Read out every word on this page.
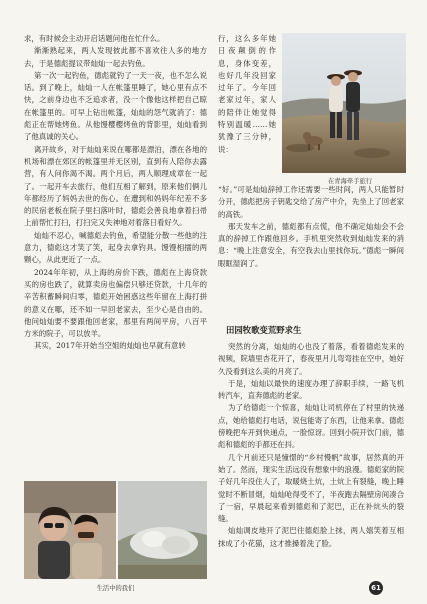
求，有时候会主动开启话题问他在忙什么。

渐渐熟起来，两人发现彼此都不喜欢往人多的地方去，于是德彪提议带灿灿一起去钓鱼。

第一次一起钓鱼，德彪就钓了一天一夜，也不怎么说话。到了晚上，灿灿一人在帐篷里睡了，她心里有点不快，之前身边也不乏追求者，没一个像他这样把自己晾在帐篷里的。可早上钻出帐篷，灿灿的怨气就消了：德彪正在帮她烤鱼。从他馒樱樱烤鱼的背影里，灿灿看到了他真诚的关心。

离开故乡，对于灿灿来说在哪都是漂泊，漂在各地的机场和漂在郊区的帐篷里并无区别，直到有人陪你去露营，有人问你渴不渴。两个月后，两人顺理成章在一起了。一起开车去旅行，他们互相了解到，原来他们俩儿年都经历了妈妈去世的伤心。在遭到和妈妈年纪差不多的民宿老板在院子里扫落叶时，德彪会善良地拿着扫帚上前帮忙打扫，打扫完又失神地对着落日看好久。

灿灿不忍心，喊德彪去钓鱼，希望能分散一些他的注意力，德彪这才笑了笑，起身去拿钓具。馒馒相擂的两颗心，从此更近了一点。

2024年年初，从上海的房价下跌，德彪在上海贷款买的房也跌了，就算卖房也偏偿只够还贷款，十几年的辛苦积蓄瞬间归零，德彪开始困惑这些年留在上海打拼的意义在哪，还不如一早回老家去，至少心是自由的。他问灿灿要不要跟他回老家，那里有两间平房，八百平方米的院子，可以放羊。

其实，2017年开始当空姐的灿灿也早就有意转

行，这么多年她日夜颠倒的作息，身体变差，也好几年没回家过年了。今年回老家过年，家人的陪伴让她觉得特别温暖……她犹豫了三分钟，说：

在青海牵手旅行

“好。”可是灿灿辞掉工作还需要一些时间，两人只能暂时分开，德彪把房子钥匙交给了房产中介，先坐上了回老家的高铁。

那天发车之前，德彪都有点慌，他不确定灿灿会不会真的辞掉工作跟他回乡。手机里突然收到灿灿发来的消息：“晚上注意安全，有空我去山里找你玩。”德彪一瞬间眼眶湿润了。

田园牧歌变荒野求生

突然的分离，灿灿的心也没了着落，看着德彪发来的视频，院墙里杏花开了，春夜里月儿弯弯挂在空中，她好久没看到这么美的月亮了。

于是，灿灿以最快的速度办理了辞职手续，一路飞机转汽车，直奔德彪的老家。

为了给德彪一个惊喜，灿灿让司机停在了村里的快递点，她给德彪打电话，说包能寄了东西，让他来拿。德彪傍晚把车开到快递点，一脸惊讶。回到小院开饮门前，德彪和德彪的手都还在抖。

几个月前还只是憧憬的“乡村慢帆”故事，居然真的开始了。然而，现实生活远没有想象中的浪漫。德彪家的院子好几年没住人了，取暖烧土炕，土炕上有裂缝，晚上睡觉时不断冒烟，灿灿呛得受不了，半夜跑去隔壁房间凑合了一宿，早晨起来看到德彪和了泥巴，正在补炕头的裂缝。

灿灿调皮地开了泥巴往德彪脸上抹，两人嬉笑着互相抹成了小花猫，这才推搡着洗了脸。

生活中的我们	61
